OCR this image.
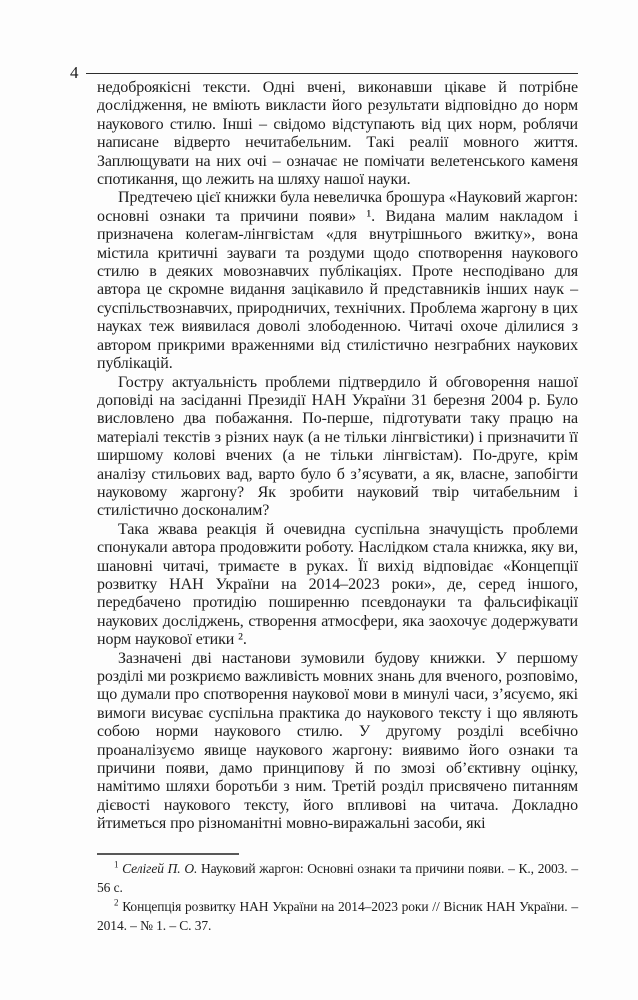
4

недоброякісні тексти. Одні вчені, виконавши цікаве й потрібне дослідження, не вміють викласти його результати відповідно до норм наукового стилю. Інші – свідомо відступають від цих норм, роблячи написане відверто нечитабельним. Такі реалії мовного життя. Заплющувати на них очі – означає не помічати велетенського каменя спотикання, що лежить на шляху нашої науки.

Предтечею цієї книжки була невеличка брошура «Науковий жаргон: основні ознаки та причини появи» ¹. Видана малим накладом і призначена колегам-лінгвістам «для внутрішнього вжитку», вона містила критичні зауваги та роздуми щодо спотворення наукового стилю в деяких мовознавчих публікаціях. Проте несподівано для автора це скромне видання зацікавило й представників інших наук – суспільствознавчих, природничих, технічних. Проблема жаргону в цих науках теж виявилася доволі злободенною. Читачі охоче ділилися з автором прикрими враженнями від стилістично незграбних наукових публікацій.

Гостру актуальність проблеми підтвердило й обговорення нашої доповіді на засіданні Президії НАН України 31 березня 2004 р. Було висловлено два побажання. По-перше, підготувати таку працю на матеріалі текстів з різних наук (а не тільки лінгвістики) і призначити її ширшому колові вчених (а не тільки лінгвістам). По-друге, крім аналізу стильових вад, варто було б з’ясувати, а як, власне, запобігти науковому жаргону? Як зробити науковий твір читабельним і стилістично досконалим?

Така жвава реакція й очевидна суспільна значущість проблеми спонукали автора продовжити роботу. Наслідком стала книжка, яку ви, шановні читачі, тримаєте в руках. Її вихід відповідає «Концепції розвитку НАН України на 2014–2023 роки», де, серед іншого, передбачено протидію поширенню псевдонауки та фальсифікації наукових досліджень, створення атмосфери, яка заохочує додержувати норм наукової етики ².

Зазначені дві настанови зумовили будову книжки. У першому розділі ми розкриємо важливість мовних знань для вченого, розповімо, що думали про спотворення наукової мови в минулі часи, з’ясуємо, які вимоги висуває суспільна практика до наукового тексту і що являють собою норми наукового стилю. У другому розділі всебічно проаналізуємо явище наукового жаргону: виявимо його ознаки та причини появи, дамо принципову й по змозі об’єктивну оцінку, намітимо шляхи боротьби з ним. Третій розділ присвячено питанням дієвості наукового тексту, його впливові на читача. Докладно йтиметься про різноманітні мовно-виражальні засоби, які

$^1$ Селігей П. О. Науковий жаргон: Основні ознаки та причини появи. – К., 2003. – 56 с.

$^2$ Концепція розвитку НАН України на 2014–2023 роки // Вісник НАН України. – 2014. – № 1. – С. 37.
